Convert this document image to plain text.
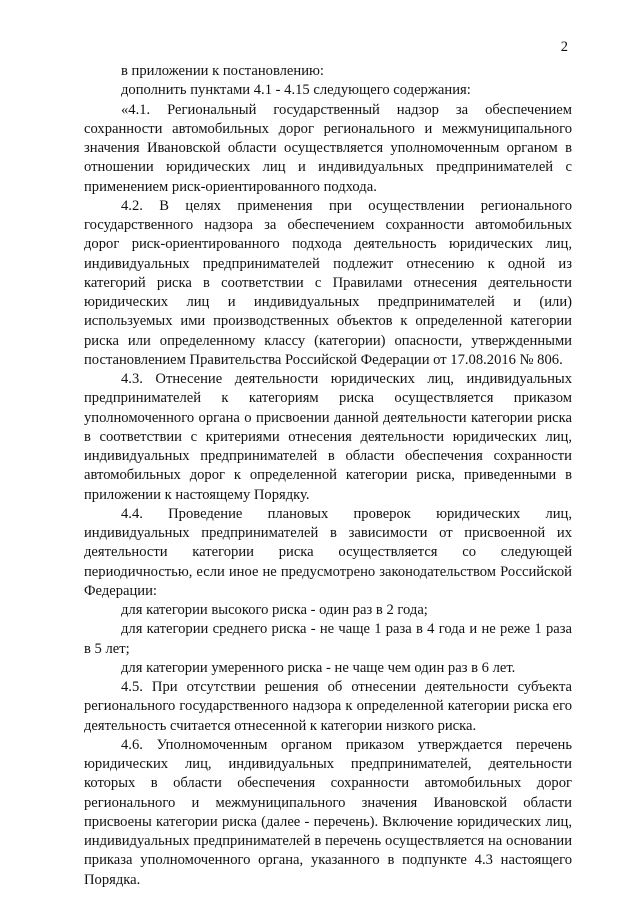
2

в приложении к постановлению:

дополнить пунктами 4.1 - 4.15 следующего содержания:

«4.1. Региональный государственный надзор за обеспечением сохранности автомобильных дорог регионального и межмуниципального значения Ивановской области осуществляется уполномоченным органом в отношении юридических лиц и индивидуальных предпринимателей с применением риск-ориентированного подхода.

4.2. В целях применения при осуществлении регионального государственного надзора за обеспечением сохранности автомобильных дорог риск-ориентированного подхода деятельность юридических лиц, индивидуальных предпринимателей подлежит отнесению к одной из категорий риска в соответствии с Правилами отнесения деятельности юридических лиц и индивидуальных предпринимателей и (или) используемых ими производственных объектов к определенной категории риска или определенному классу (категории) опасности, утвержденными постановлением Правительства Российской Федерации от 17.08.2016 № 806.

4.3. Отнесение деятельности юридических лиц, индивидуальных предпринимателей к категориям риска осуществляется приказом уполномоченного органа о присвоении данной деятельности категории риска в соответствии с критериями отнесения деятельности юридических лиц, индивидуальных предпринимателей в области обеспечения сохранности автомобильных дорог к определенной категории риска, приведенными в приложении к настоящему Порядку.

4.4. Проведение плановых проверок юридических лиц, индивидуальных предпринимателей в зависимости от присвоенной их деятельности категории риска осуществляется со следующей периодичностью, если иное не предусмотрено законодательством Российской Федерации:

для категории высокого риска - один раз в 2 года;

для категории среднего риска - не чаще 1 раза в 4 года и не реже 1 раза в 5 лет;

для категории умеренного риска - не чаще чем один раз в 6 лет.

4.5. При отсутствии решения об отнесении деятельности субъекта регионального государственного надзора к определенной категории риска его деятельность считается отнесенной к категории низкого риска.

4.6. Уполномоченным органом приказом утверждается перечень юридических лиц, индивидуальных предпринимателей, деятельности которых в области обеспечения сохранности автомобильных дорог регионального и межмуниципального значения Ивановской области присвоены категории риска (далее - перечень). Включение юридических лиц, индивидуальных предпринимателей в перечень осуществляется на основании приказа уполномоченного органа, указанного в подпункте 4.3 настоящего Порядка.
